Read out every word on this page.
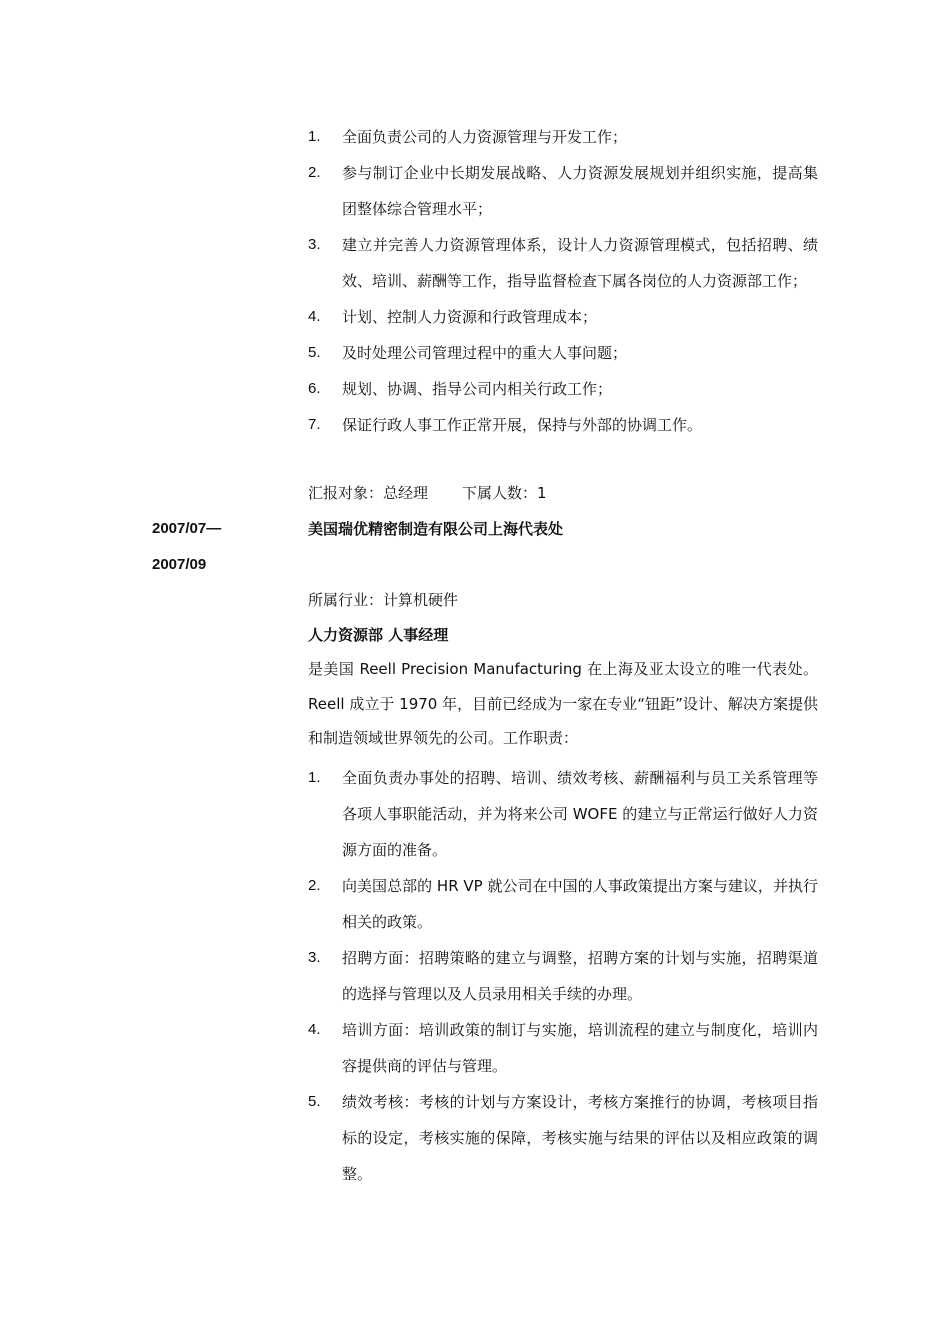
1. 全面负责公司的人力资源管理与开发工作；
2. 参与制订企业中长期发展战略、人力资源发展规划并组织实施，提高集团整体综合管理水平；
3. 建立并完善人力资源管理体系，设计人力资源管理模式，包括招聘、绩效、培训、薪酬等工作，指导监督检查下属各岗位的人力资源部工作；
4. 计划、控制人力资源和行政管理成本；
5. 及时处理公司管理过程中的重大人事问题；
6. 规划、协调、指导公司内相关行政工作；
7. 保证行政人事工作正常开展，保持与外部的协调工作。

汇报对象：总经理 下属人数：1

2007/07—
2007/09

美国瑞优精密制造有限公司上海代表处

所属行业：计算机硬件

人力资源部 人事经理

是美国 Reell Precision Manufacturing 在上海及亚太设立的唯一代表处。Reell 成立于 1970 年，目前已经成为一家在专业“钮距”设计、解决方案提供和制造领域世界领先的公司。工作职责：

1. 全面负责办事处的招聘、培训、绩效考核、薪酬福利与员工关系管理等各项人事职能活动，并为将来公司 WOFE 的建立与正常运行做好人力资源方面的准备。
2. 向美国总部的 HR VP 就公司在中国的人事政策提出方案与建议，并执行相关的政策。
3. 招聘方面：招聘策略的建立与调整，招聘方案的计划与实施，招聘渠道的选择与管理以及人员录用相关手续的办理。
4. 培训方面：培训政策的制订与实施，培训流程的建立与制度化，培训内容提供商的评估与管理。
5. 绩效考核：考核的计划与方案设计，考核方案推行的协调，考核项目指标的设定，考核实施的保障，考核实施与结果的评估以及相应政策的调整。
